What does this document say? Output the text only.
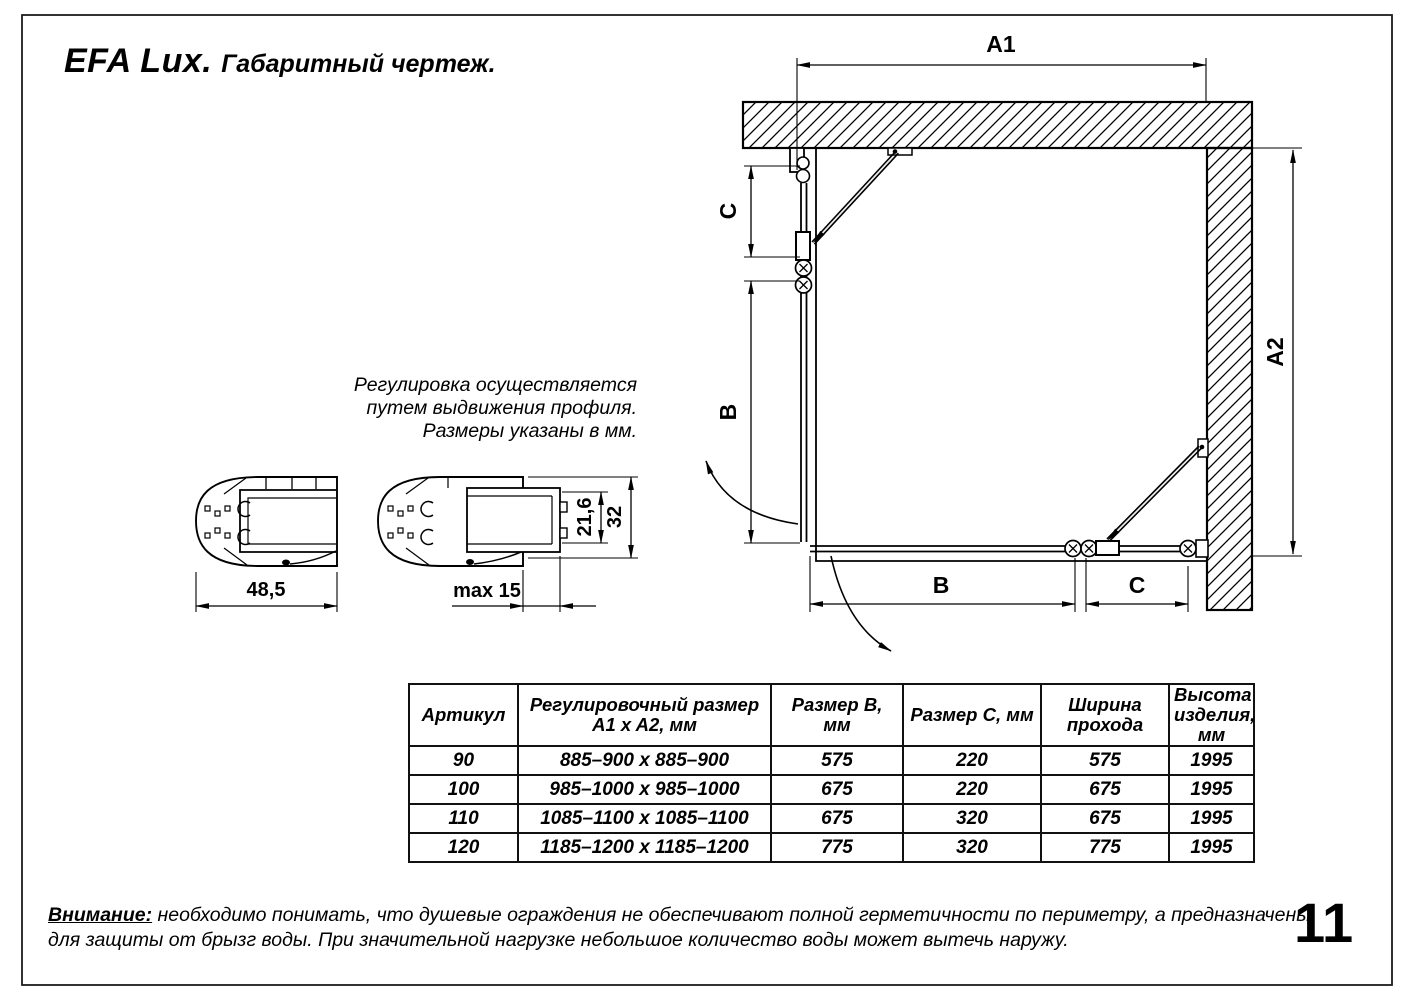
A1
A2
C
B
B	C
48,5	max 15
21,6 32
EFA Lux. Габаритный чертеж.
Регулировка осуществляется
путем выдвижения профиля.
Размеры указаны в мм.
Артикул	Регулировочный размер A1 x A2, мм	Размер B, мм	Размер C, мм	Ширина прохода	Высота изделия, мм
90	885–900 x 885–900	575	220	575	1995
100	985–1000 x 985–1000	675	220	675	1995
110	1085–1100 x 1085–1100	675	320	675	1995
120	1185–1200 x 1185–1200	775	320	775	1995
Внимание: необходимо понимать, что душевые ограждения не обеспечивают полной герметичности по периметру, а предназначены
для защиты от брызг воды. При значительной нагрузке небольшое количество воды может вытечь наружу.	11
